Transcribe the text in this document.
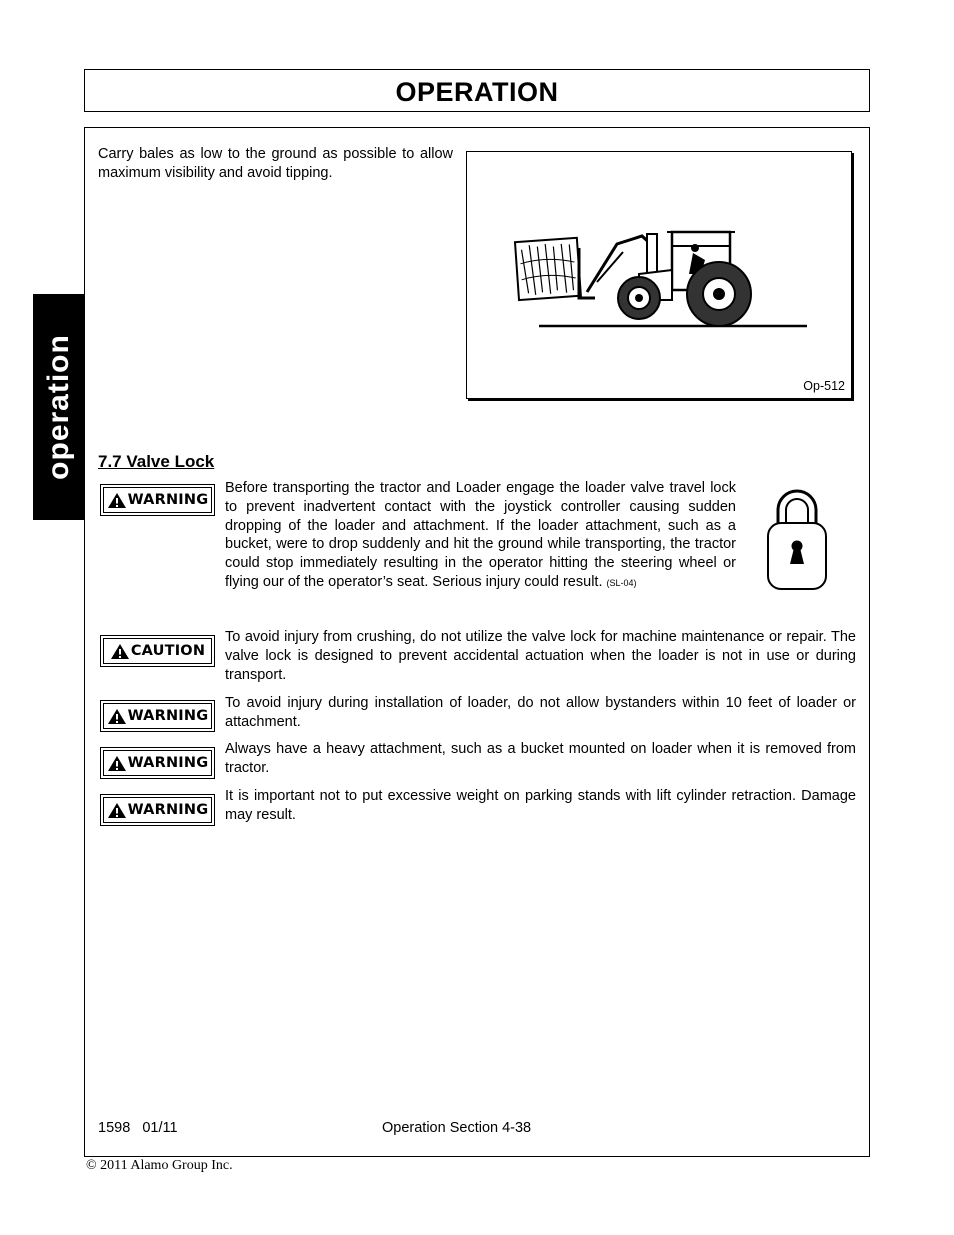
OPERATION
operation
Carry bales as low to the ground as possible to allow maximum visibility and avoid tipping.
Op-512
7.7 Valve Lock
WARNING
Before transporting the tractor and Loader engage the loader valve travel lock to prevent inadvertent contact with the joystick controller causing sudden dropping of the loader and attachment. If the loader attachment, such as a bucket, were to drop suddenly and hit the ground while transporting, the tractor could stop immediately resulting in the operator hitting the steering wheel or flying our of the operator’s seat. Serious injury could result. (SL-04)
CAUTION
To avoid injury from crushing, do not utilize the valve lock for machine maintenance or repair. The valve lock is designed to prevent accidental actuation when the loader is not in use or during transport.
WARNING
To avoid injury during installation of loader, do not allow bystanders within 10 feet of loader or attachment.
WARNING
Always have a heavy attachment, such as a bucket mounted on loader when it is removed from tractor.
WARNING
It is important not to put excessive weight on parking stands with lift cylinder retraction. Damage may result.
1598   01/11	Operation Section 4-38
© 2011 Alamo Group Inc.
